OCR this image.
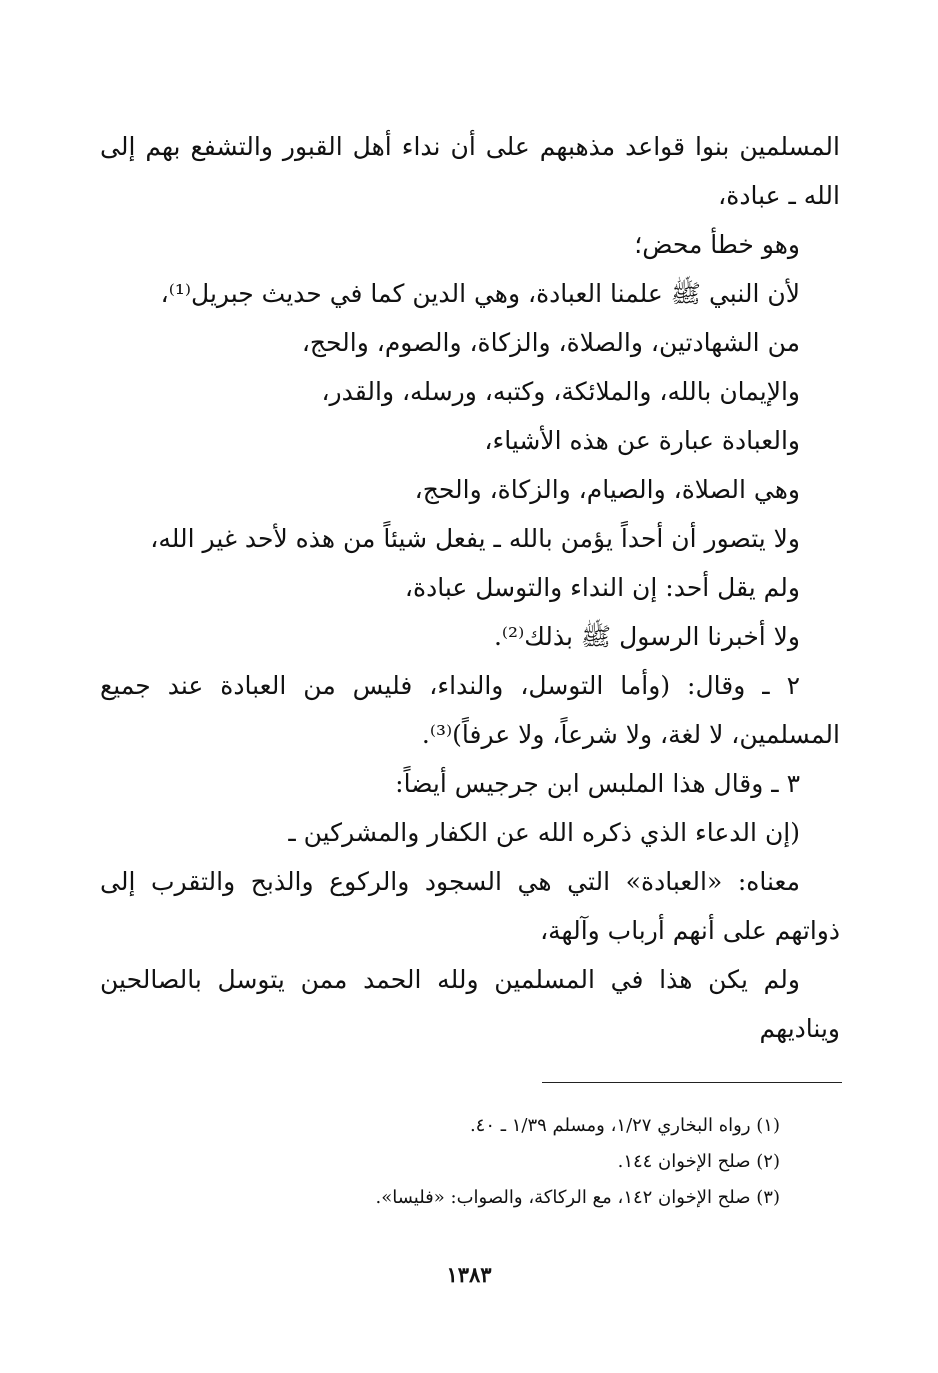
المسلمين بنوا قواعد مذهبهم على أن نداء أهل القبور والتشفع بهم إلى الله ـ عبادة،

وهو خطأ محض؛

لأن النبي ﷺ علمنا العبادة، وهي الدين كما في حديث جبريل⁽¹⁾،

من الشهادتين، والصلاة، والزكاة، والصوم، والحج،

والإيمان بالله، والملائكة، وكتبه، ورسله، والقدر،

والعبادة عبارة عن هذه الأشياء،

وهي الصلاة، والصيام، والزكاة، والحج،

ولا يتصور أن أحداً يؤمن بالله ـ يفعل شيئاً من هذه لأحد غير الله،

ولم يقل أحد: إن النداء والتوسل عبادة،

ولا أخبرنا الرسول ﷺ بذلك⁽²⁾.

٢ ـ وقال: (وأما التوسل، والنداء، فليس من العبادة عند جميع المسلمين، لا لغة، ولا شرعاً، ولا عرفاً)⁽³⁾.

٣ ـ وقال هذا الملبس ابن جرجيس أيضاً:

(إن الدعاء الذي ذكره الله عن الكفار والمشركين ـ

معناه: «العبادة» التي هي السجود والركوع والذبح والتقرب إلى ذواتهم على أنهم أرباب وآلهة،

ولم يكن هذا في المسلمين ولله الحمد ممن يتوسل بالصالحين ويناديهم

(١) رواه البخاري ١/٢٧، ومسلم ١/٣٩ ـ ٤٠.

(٢) صلح الإخوان ١٤٤.

(٣) صلح الإخوان ١٤٢، مع الركاكة، والصواب: «فليسا».

١٣٨٣
